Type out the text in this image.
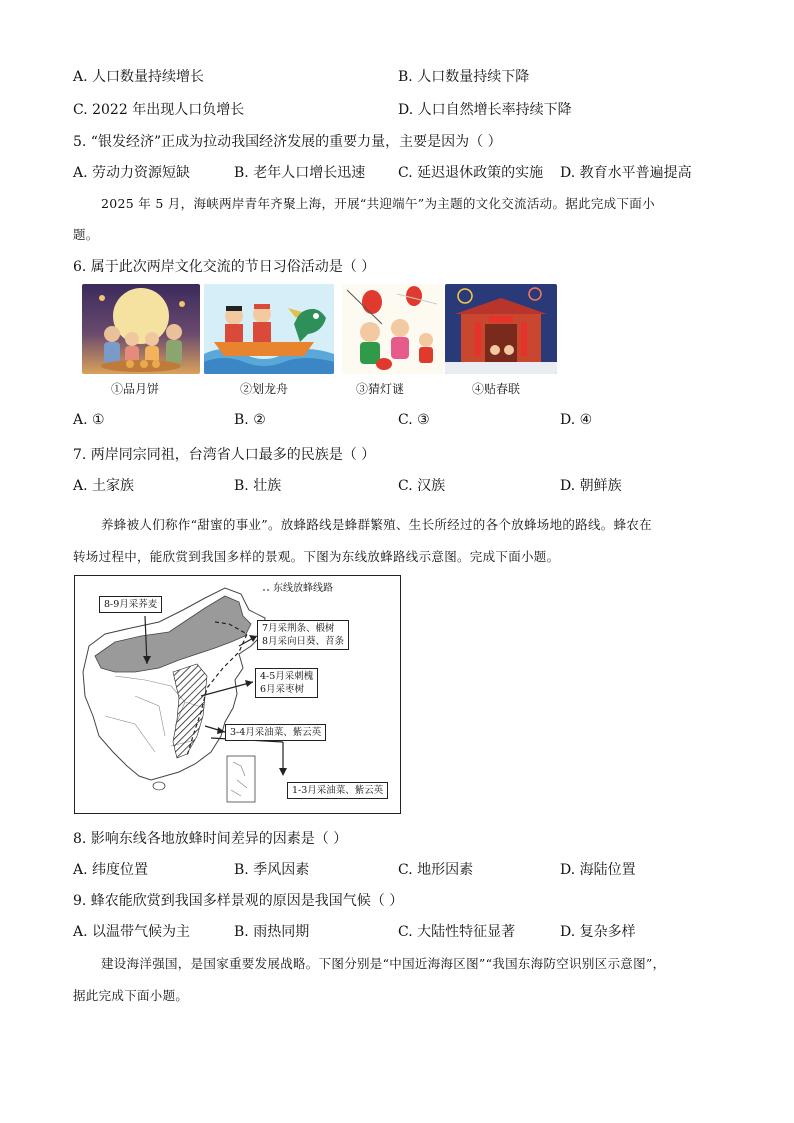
A. 人口数量持续增长	B. 人口数量持续下降
C. 2022 年出现人口负增长	D. 人口自然增长率持续下降
5. “银发经济”正成为拉动我国经济发展的重要力量，主要是因为（ ）
A. 劳动力资源短缺	B. 老年人口增长迅速 C. 延迟退休政策的实施 D. 教育水平普遍提高
2025 年 5 月，海峡两岸青年齐聚上海，开展“共迎端午”为主题的文化交流活动。据此完成下面小
题。
6. 属于此次两岸文化交流的节日习俗活动是（ ）
①品月饼	②划龙舟	③猜灯谜	④贴春联
A. ①	B. ②	C. ③	D. ④
7. 两岸同宗同祖，台湾省人口最多的民族是（ ）
A. 土家族	B. 壮族	C. 汉族	D. 朝鲜族
养蜂被人们称作“甜蜜的事业”。放蜂路线是蜂群繁殖、生长所经过的各个放蜂场地的路线。蜂农在
转场过程中，能欣赏到我国多样的景观。下图为东线放蜂路线示意图。完成下面小题。
东线放蜂线路
8-9月采荞麦
7月采荆条、椴树
8月采向日葵、苕条
4-5月采刺槐
6月采枣树
3-4月采油菜、紫云英
1-3月采油菜、紫云英
8. 影响东线各地放蜂时间差异的因素是（ ）
A. 纬度位置	B. 季风因素	C. 地形因素	D. 海陆位置
9. 蜂农能欣赏到我国多样景观的原因是我国气候（ ）
A. 以温带气候为主	B. 雨热同期	C. 大陆性特征显著	D. 复杂多样
建设海洋强国，是国家重要发展战略。下图分别是“中国近海海区图”“我国东海防空识别区示意图”，
据此完成下面小题。
